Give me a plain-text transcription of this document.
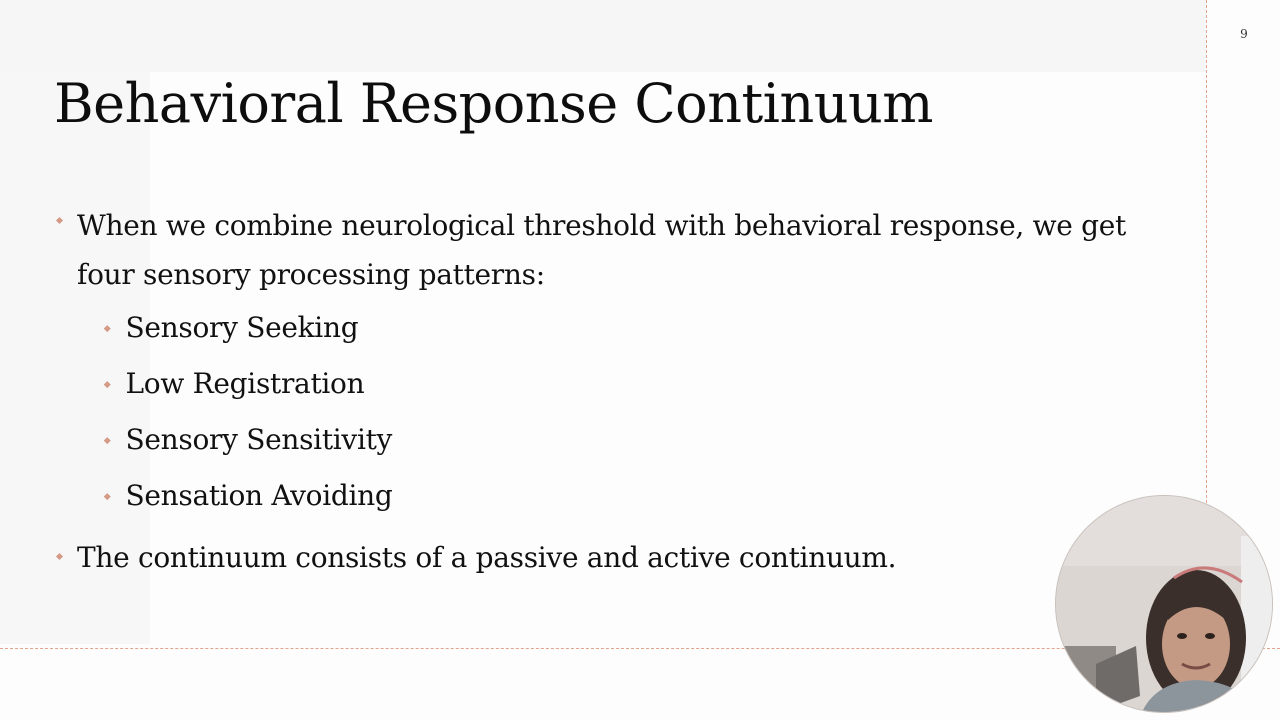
9
Behavioral Response Continuum
When we combine neurological threshold with behavioral response, we get four sensory processing patterns:
Sensory Seeking
Low Registration
Sensory Sensitivity
Sensation Avoiding
The continuum consists of a passive and active continuum.
